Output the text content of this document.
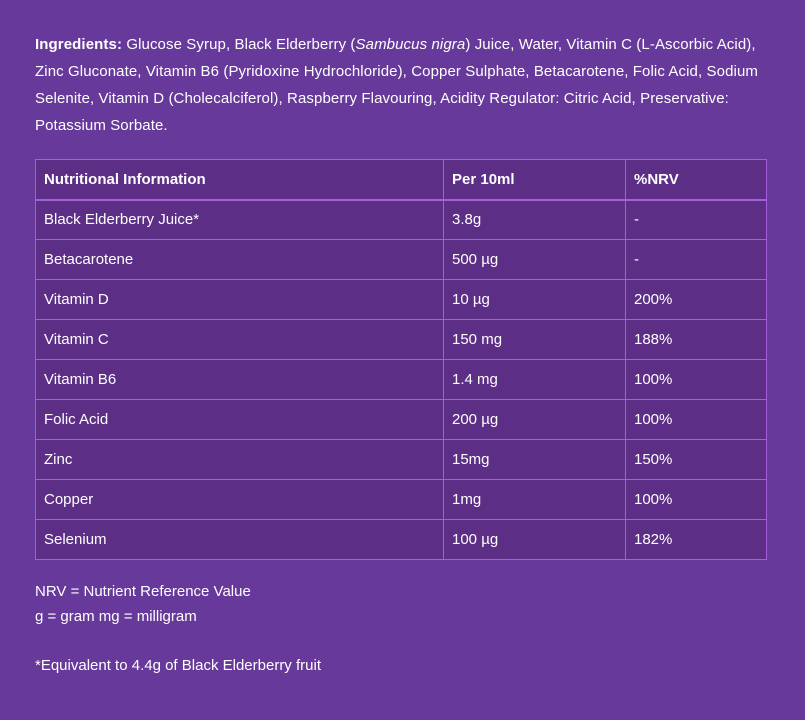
Ingredients: Glucose Syrup, Black Elderberry (Sambucus nigra) Juice, Water, Vitamin C (L-Ascorbic Acid), Zinc Gluconate, Vitamin B6 (Pyridoxine Hydrochloride), Copper Sulphate, Betacarotene, Folic Acid, Sodium Selenite, Vitamin D (Cholecalciferol), Raspberry Flavouring, Acidity Regulator: Citric Acid, Preservative: Potassium Sorbate.

Nutritional Information	Per 10ml	%NRV
Black Elderberry Juice*	3.8g	-
Betacarotene	500 µg	-
Vitamin D	10 µg	200%
Vitamin C	150 mg	188%
Vitamin B6	1.4 mg	100%
Folic Acid	200 µg	100%
Zinc	15mg	150%
Copper	1mg	100%
Selenium	100 µg	182%

NRV = Nutrient Reference Value

g = gram mg = milligram

*Equivalent to 4.4g of Black Elderberry fruit
